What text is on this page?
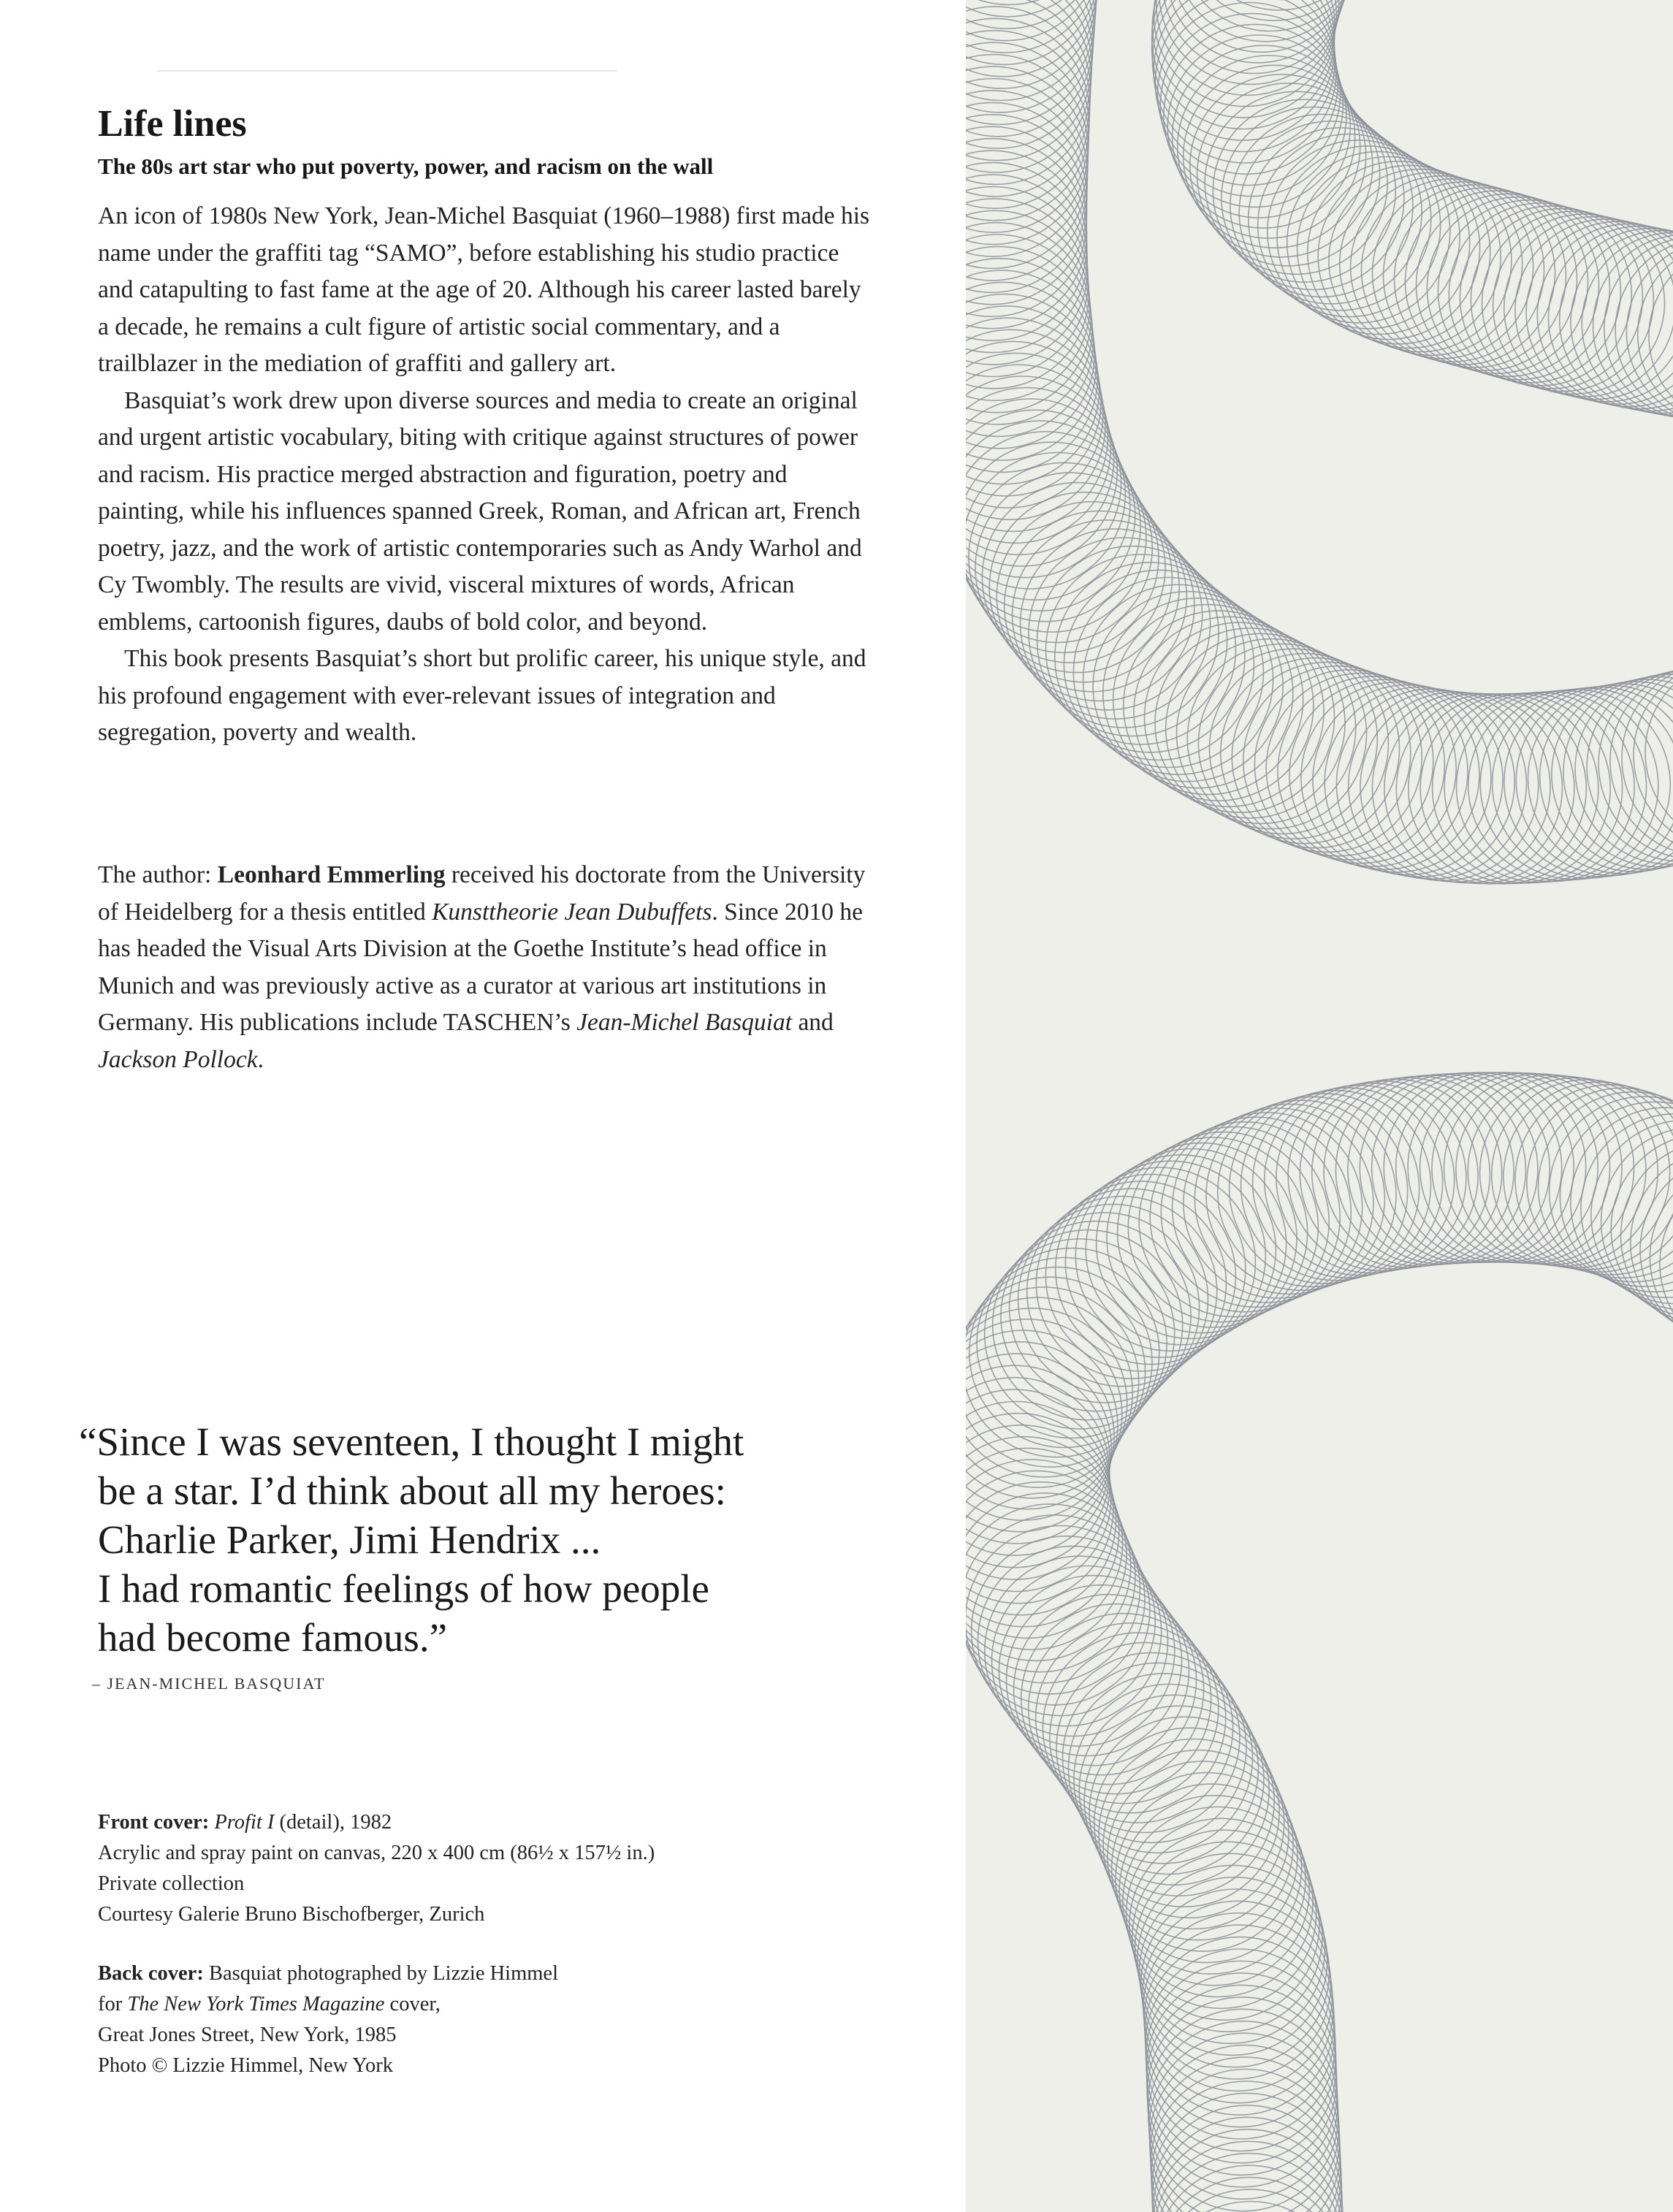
Life lines
The 80s art star who put poverty, power, and racism on the wall

An icon of 1980s New York, Jean-Michel Basquiat (1960–1988) first made his name under the graffiti tag “SAMO”, before establishing his studio practice and catapulting to fast fame at the age of 20. Although his career lasted barely a decade, he remains a cult figure of artistic social commentary, and a trailblazer in the mediation of graffiti and gallery art.

Basquiat’s work drew upon diverse sources and media to create an original and urgent artistic vocabulary, biting with critique against structures of power and racism. His practice merged abstraction and figuration, poetry and painting, while his influences spanned Greek, Roman, and African art, French poetry, jazz, and the work of artistic contemporaries such as Andy Warhol and Cy Twombly. The results are vivid, visceral mixtures of words, African emblems, cartoonish figures, daubs of bold color, and beyond.

This book presents Basquiat’s short but prolific career, his unique style, and his profound engagement with ever-relevant issues of integration and segregation, poverty and wealth.

The author: Leonhard Emmerling received his doctorate from the University of Heidelberg for a thesis entitled Kunsttheorie Jean Dubuffets. Since 2010 he has headed the Visual Arts Division at the Goethe Institute’s head office in Munich and was previously active as a curator at various art institutions in Germany. His publications include TASCHEN’s Jean-Michel Basquiat and Jackson Pollock.
“Since I was seventeen, I thought I might
be a star. I’d think about all my heroes:
Charlie Parker, Jimi Hendrix ...
I had romantic feelings of how people
had become famous.”
– JEAN-MICHEL BASQUIAT
Front cover: Profit I (detail), 1982
Acrylic and spray paint on canvas, 220 x 400 cm (86½ x 157½ in.)
Private collection
Courtesy Galerie Bruno Bischofberger, Zurich
Back cover: Basquiat photographed by Lizzie Himmel
for The New York Times Magazine cover,
Great Jones Street, New York, 1985
Photo © Lizzie Himmel, New York
